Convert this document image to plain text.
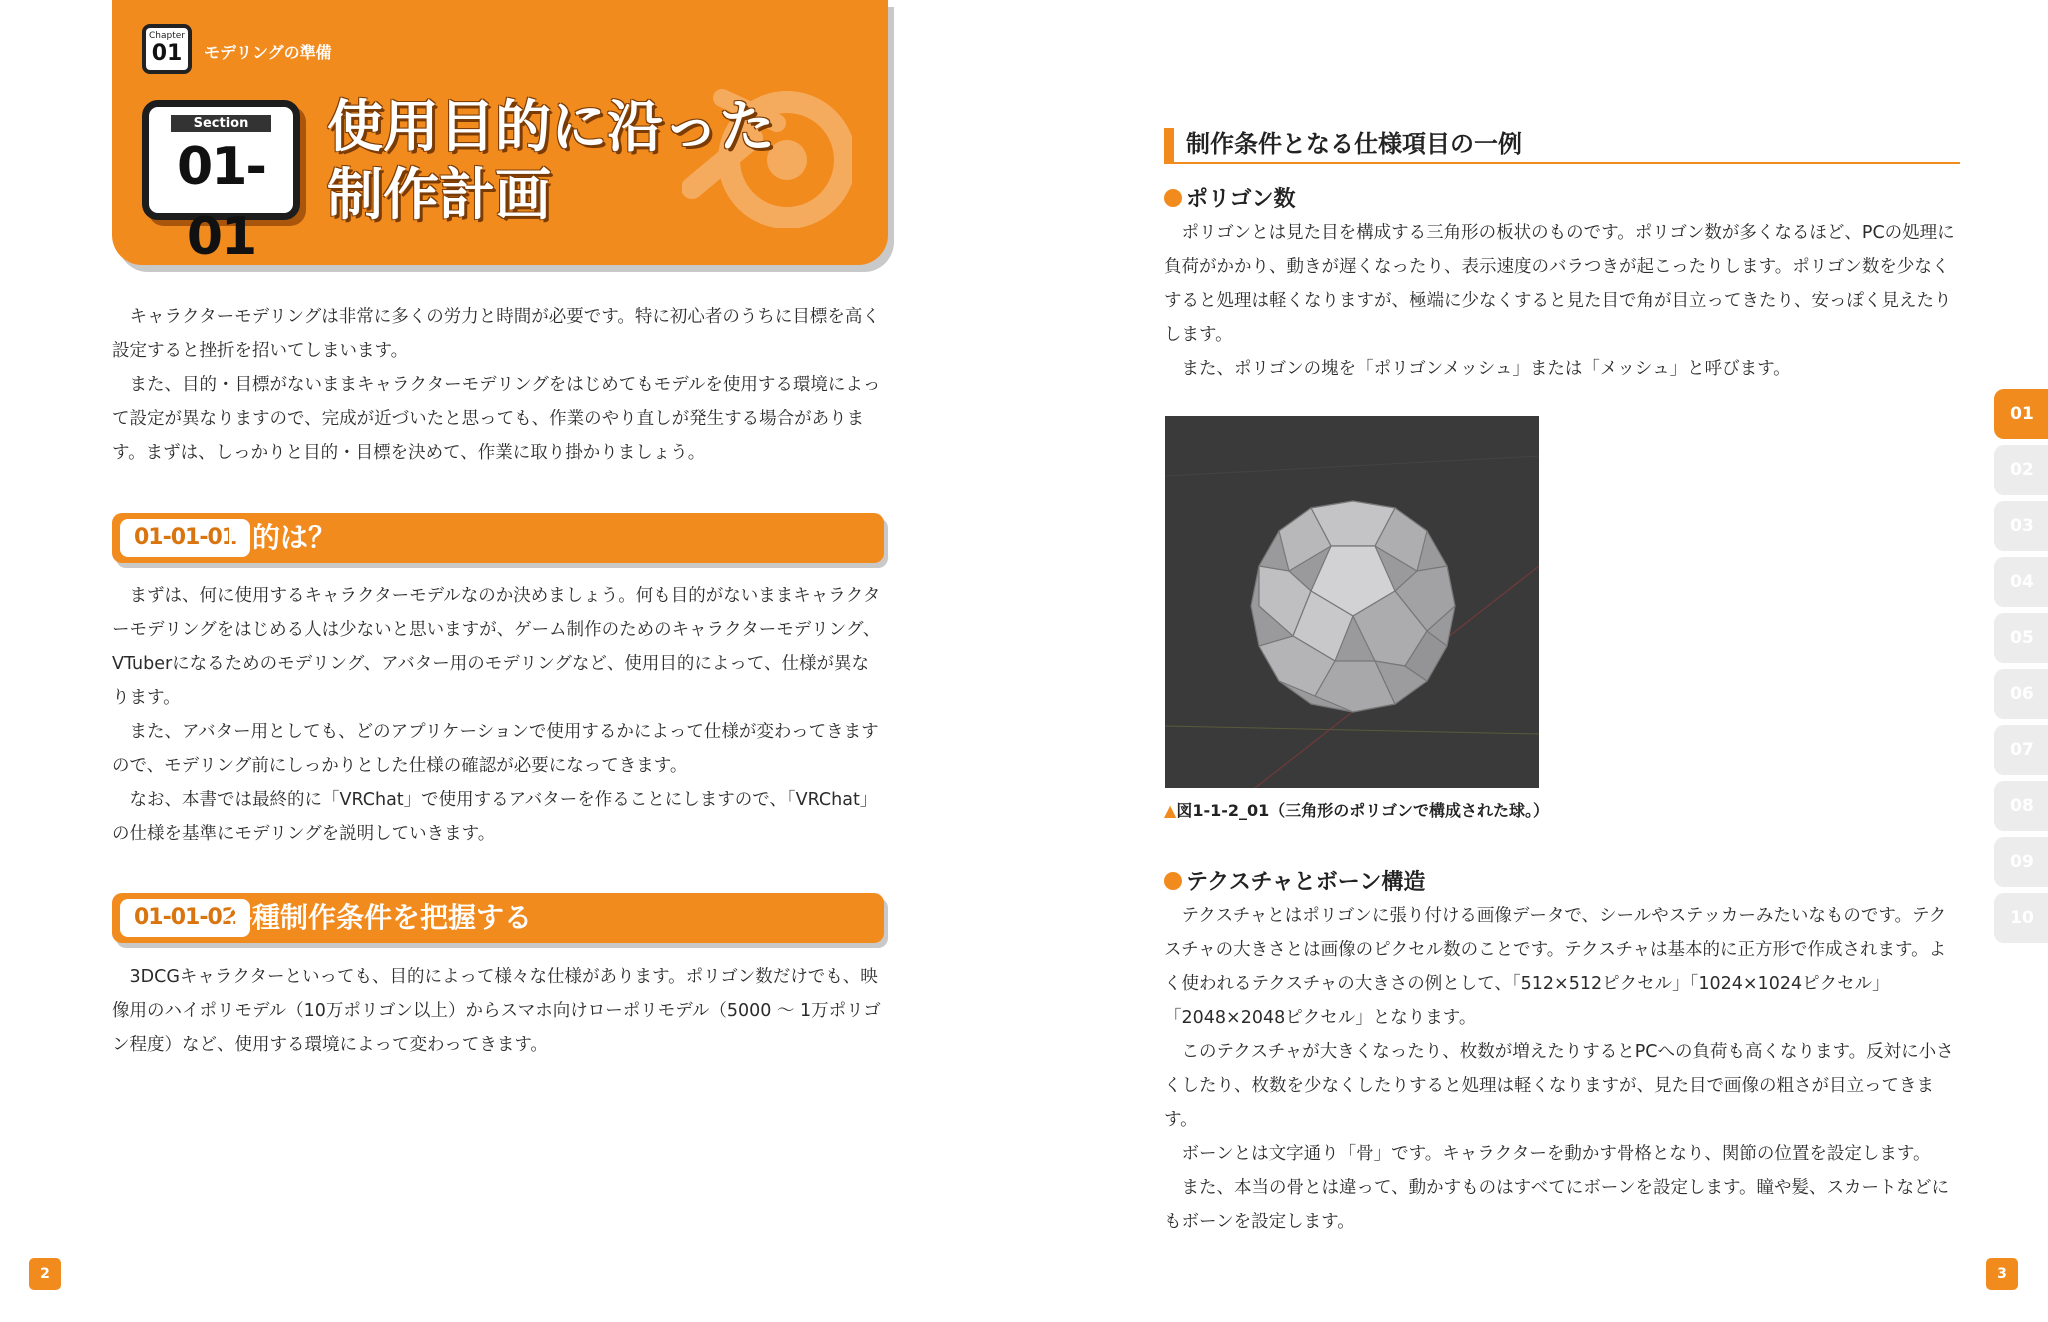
Chapter
01	モデリングの準備
Section
01-01
使用目的に沿った
制作計画

キャラクターモデリングは非常に多くの労力と時間が必要です。特に初心者のうちに目標を高く設定すると挫折を招いてしまいます。

また、目的・目標がないままキャラクターモデリングをはじめてもモデルを使用する環境によって設定が異なりますので、完成が近づいたと思っても、作業のやり直しが発生する場合があります。まずは、しっかりと目的・目標を決めて、作業に取り掛かりましょう。

01-01-01
目的は？

まずは、何に使用するキャラクターモデルなのか決めましょう。何も目的がないままキャラクターモデリングをはじめる人は少ないと思いますが、ゲーム制作のためのキャラクターモデリング、VTuberになるためのモデリング、アバター用のモデリングなど、使用目的によって、仕様が異なります。

また、アバター用としても、どのアプリケーションで使用するかによって仕様が変わってきますので、モデリング前にしっかりとした仕様の確認が必要になってきます。

なお、本書では最終的に「VRChat」で使用するアバターを作ることにしますので、「VRChat」の仕様を基準にモデリングを説明していきます。

01-01-02
各種制作条件を把握する

3DCGキャラクターといっても、目的によって様々な仕様があります。ポリゴン数だけでも、映像用のハイポリモデル（10万ポリゴン以上）からスマホ向けローポリモデル（5000 ～ 1万ポリゴン程度）など、使用する環境によって変わってきます。

2
制作条件となる仕様項目の一例
ポリゴン数

ポリゴンとは見た目を構成する三角形の板状のものです。ポリゴン数が多くなるほど、PCの処理に負荷がかかり、動きが遅くなったり、表示速度のバラつきが起こったりします。ポリゴン数を少なくすると処理は軽くなりますが、極端に少なくすると見た目で角が目立ってきたり、安っぽく見えたりします。

また、ポリゴンの塊を「ポリゴンメッシュ」または「メッシュ」と呼びます。

▲図1-1-2_01（三角形のポリゴンで構成された球。）
テクスチャとボーン構造

テクスチャとはポリゴンに張り付ける画像データで、シールやステッカーみたいなものです。テクスチャの大きさとは画像のピクセル数のことです。テクスチャは基本的に正方形で作成されます。よく使われるテクスチャの大きさの例として、「512×512ピクセル」「1024×1024ピクセル」「2048×2048ピクセル」となります。

このテクスチャが大きくなったり、枚数が増えたりするとPCへの負荷も高くなります。反対に小さくしたり、枚数を少なくしたりすると処理は軽くなりますが、見た目で画像の粗さが目立ってきます。

ボーンとは文字通り「骨」です。キャラクターを動かす骨格となり、関節の位置を設定します。

また、本当の骨とは違って、動かすものはすべてにボーンを設定します。瞳や髪、スカートなどにもボーンを設定します。

01
02
03
04
05
06
07
08
09
10
3
